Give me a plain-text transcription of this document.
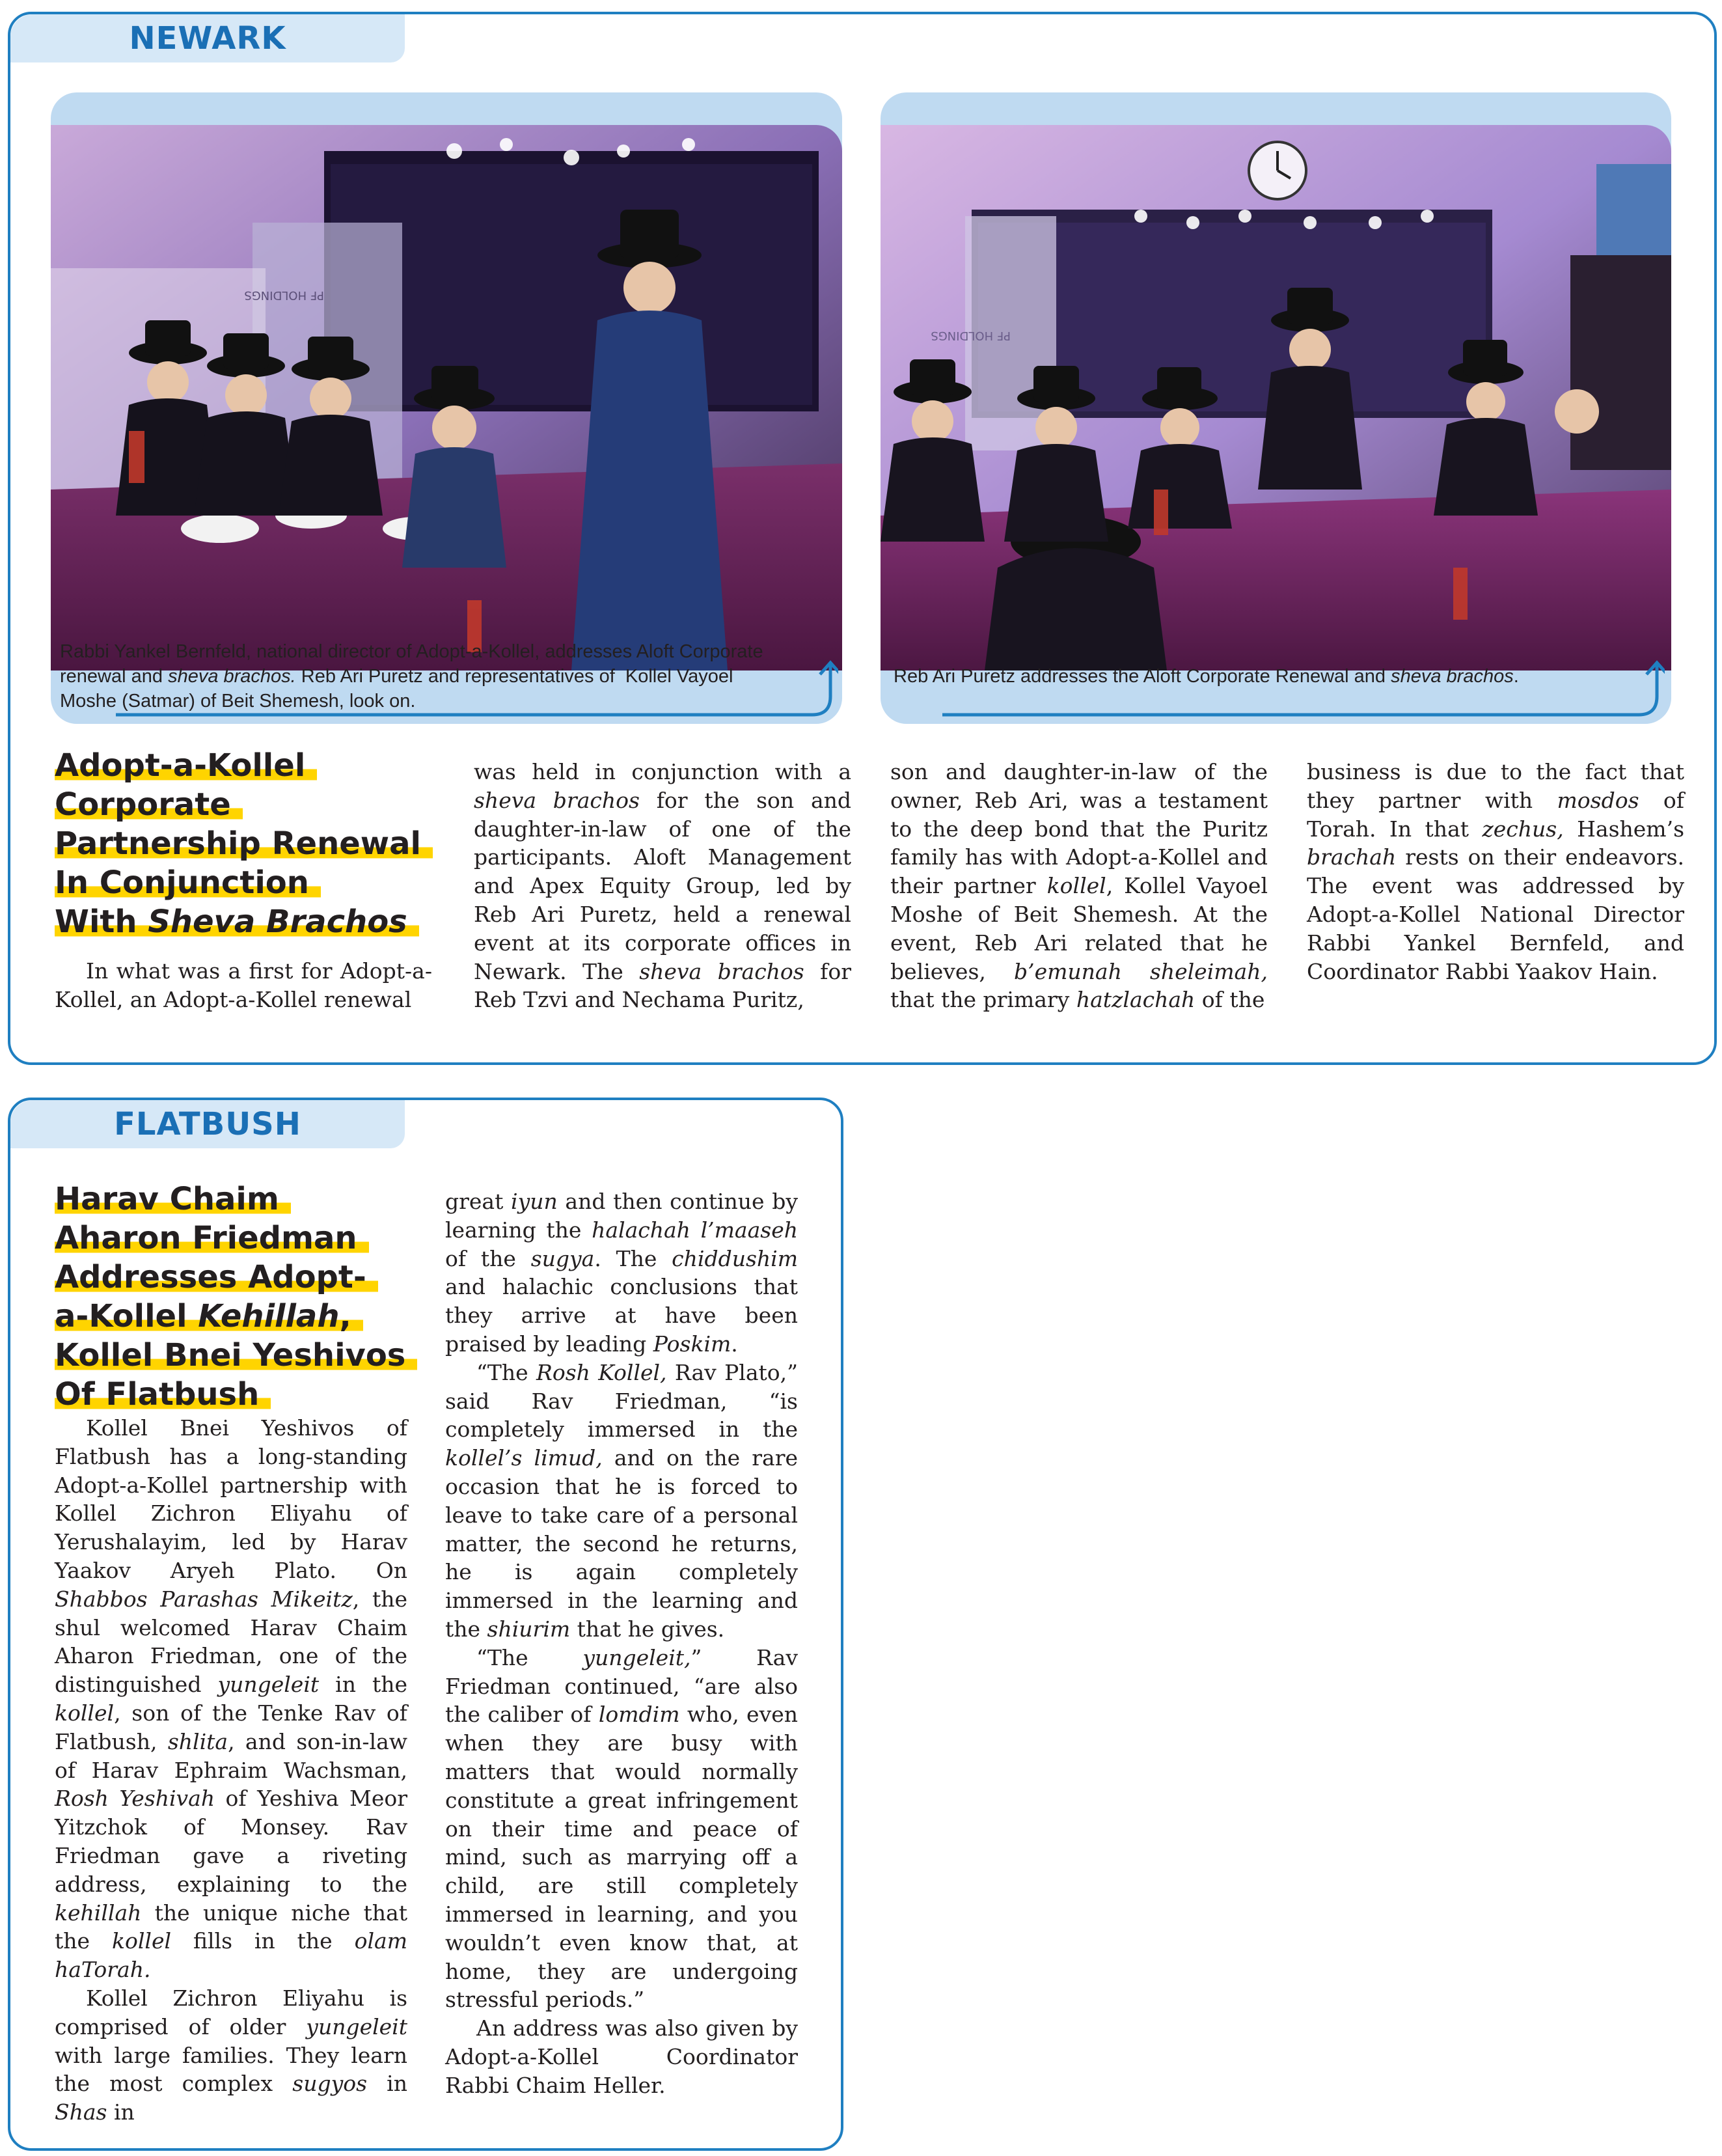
NEWARK
PF HOLDINGS
Rabbi Yankel Bernfeld, national director of Adopt-a-Kollel, addresses Aloft Corporate renewal and sheva brachos. Reb Ari Puretz and representatives of  Kollel Vayoel Moshe (Satmar) of Beit Shemesh, look on.
PF HOLDINGS
Reb Ari Puretz addresses the Aloft Corporate Renewal and sheva brachos.
Adopt-a-Kollel
Corporate
Partnership Renewal
In Conjunction
With Sheva Brachos

In what was a first for Adopt-a-Kollel, an Adopt-a-Kollel renewal

was held in conjunction with a sheva brachos for the son and daughter-in-law of one of the participants. Aloft Management and Apex Equity Group, led by Reb Ari Puretz, held a renewal event at its corporate offices in Newark. The sheva brachos for Reb Tzvi and Nechama Puritz,

son and daughter-in-law of the owner, Reb Ari, was a testament to the deep bond that the Puritz family has with Adopt-a-Kollel and their partner kollel, Kollel Vayoel Moshe of Beit Shemesh. At the event, Reb Ari related that he believes, b’emunah sheleimah, that the primary hatzlachah of the

business is due to the fact that they partner with mosdos of Torah. In that zechus, Hashem’s brachah rests on their endeavors. The event was addressed by Adopt-a-Kollel National Director Rabbi Yankel Bernfeld, and Coordinator Rabbi Yaakov Hain.

FLATBUSH
Harav Chaim
Aharon Friedman
Addresses Adopt-
a-Kollel Kehillah,
Kollel Bnei Yeshivos
Of Flatbush

Kollel Bnei Yeshivos of Flatbush has a long-standing Adopt-a-Kollel partnership with Kollel Zichron Eliyahu of Yerushalayim, led by Harav Yaakov Aryeh Plato. On Shabbos Parashas Mikeitz, the shul welcomed Harav Chaim Aharon Friedman, one of the distinguished yungeleit in the kollel, son of the Tenke Rav of Flatbush, shlita, and son-in-law of Harav Ephraim Wachsman, Rosh Yeshivah of Yeshiva Meor Yitzchok of Monsey. Rav Friedman gave a riveting address, explaining to the kehillah the unique niche that the kollel fills in the olam haTorah.

Kollel Zichron Eliyahu is comprised of older yungeleit with large families. They learn the most complex sugyos in Shas in

great iyun and then continue by learning the halachah l’maaseh of the sugya. The chiddushim and halachic conclusions that they arrive at have been praised by leading Poskim.

“The Rosh Kollel, Rav Plato,” said Rav Friedman, “is completely immersed in the kollel’s limud, and on the rare occasion that he is forced to leave to take care of a personal matter, the second he returns, he is again completely immersed in the learning and the shiurim that he gives.

“The yungeleit,” Rav Friedman continued, “are also the caliber of lomdim who, even when they are busy with matters that would normally constitute a great infringement on their time and peace of mind, such as marrying off a child, are still completely immersed in learning, and you wouldn’t even know that, at home, they are undergoing stressful periods.”

An address was also given by Adopt-a-Kollel Coordinator Rabbi Chaim Heller.
